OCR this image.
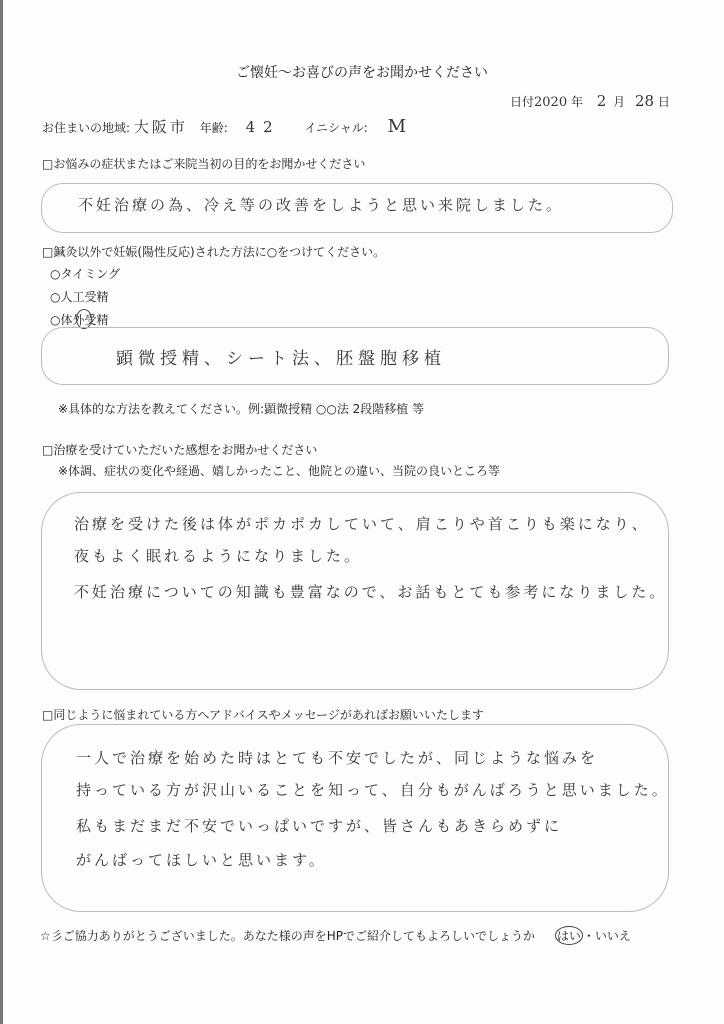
ご懐妊～お喜びの声をお聞かせください
日付2020 年 2 月 28 日
お住まいの地域: 大阪市 年齢: 42 イニシャル: M
□お悩みの症状またはご来院当初の目的をお聞かせください
不妊治療の為、冷え等の改善をしようと思い来院しました。
□鍼灸以外で妊娠(陽性反応)された方法に○をつけてください。
○タイミング
○人工受精
○体外受精
顕微授精、シート法、胚盤胞移植
※具体的な方法を教えてください。例:顕微授精 ○○法 2段階移植 等
□治療を受けていただいた感想をお聞かせください
※体調、症状の変化や経過、嬉しかったこと、他院との違い、当院の良いところ等
治療を受けた後は体がポカポカしていて、肩こりや首こりも楽になり、
夜もよく眠れるようになりました。
不妊治療についての知識も豊富なので、お話もとても参考になりました。
□同じように悩まれている方へアドバイスやメッセージがあればお願いいたします
一人で治療を始めた時はとても不安でしたが、同じような悩みを
持っている方が沢山いることを知って、自分もがんばろうと思いました。
私もまだまだ不安でいっぱいですが、皆さんもあきらめずに
がんばってほしいと思います。
☆彡ご協力ありがとうございました。あなた様の声をHPでご紹介してもよろしいでしょうか はい ・いいえ
